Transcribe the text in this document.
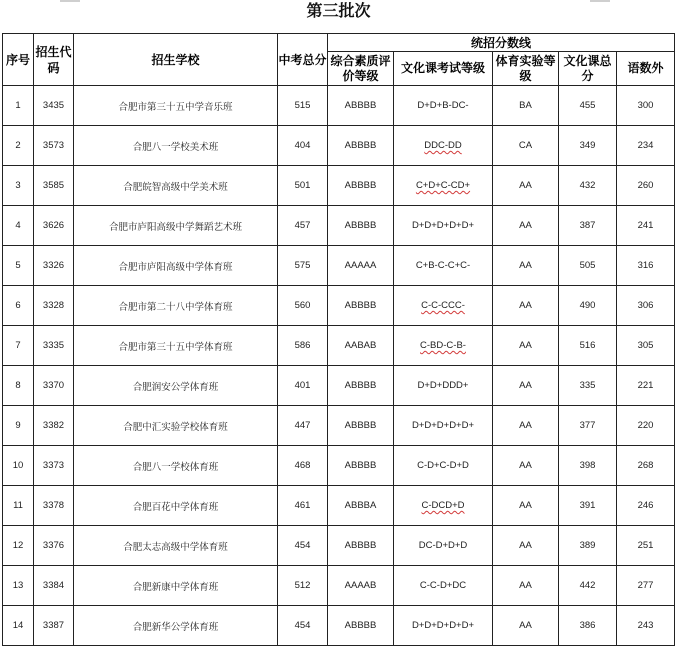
第三批次
序号	招生代码	招生学校	中考总分	统招分数线				
				综合素质评价等级	文化课考试等级	体育实验等级	文化课总分	语数外
1	3435	合肥市第三十五中学音乐班	515	ABBBB	D+D+B-DC-	BA	455	300
2	3573	合肥八一学校美术班	404	ABBBB	DDC-DD	CA	349	234
3	3585	合肥皖智高级中学美术班	501	ABBBB	C+D+C-CD+	AA	432	260
4	3626	合肥市庐阳高级中学舞蹈艺术班	457	ABBBB	D+D+D+D+D+	AA	387	241
5	3326	合肥市庐阳高级中学体育班	575	AAAAA	C+B-C-C+C-	AA	505	316
6	3328	合肥市第二十八中学体育班	560	ABBBB	C-C-CCC-	AA	490	306
7	3335	合肥市第三十五中学体育班	586	AABAB	C-BD-C-B-	AA	516	305
8	3370	合肥润安公学体育班	401	ABBBB	D+D+DDD+	AA	335	221
9	3382	合肥中汇实验学校体育班	447	ABBBB	D+D+D+D+D+	AA	377	220
10	3373	合肥八一学校体育班	468	ABBBB	C-D+C-D+D	AA	398	268
11	3378	合肥百花中学体育班	461	ABBBA	C-DCD+D	AA	391	246
12	3376	合肥太志高级中学体育班	454	ABBBB	DC-D+D+D	AA	389	251
13	3384	合肥新康中学体育班	512	AAAAB	C-C-D+DC	AA	442	277
14	3387	合肥新华公学体育班	454	ABBBB	D+D+D+D+D+	AA	386	243
